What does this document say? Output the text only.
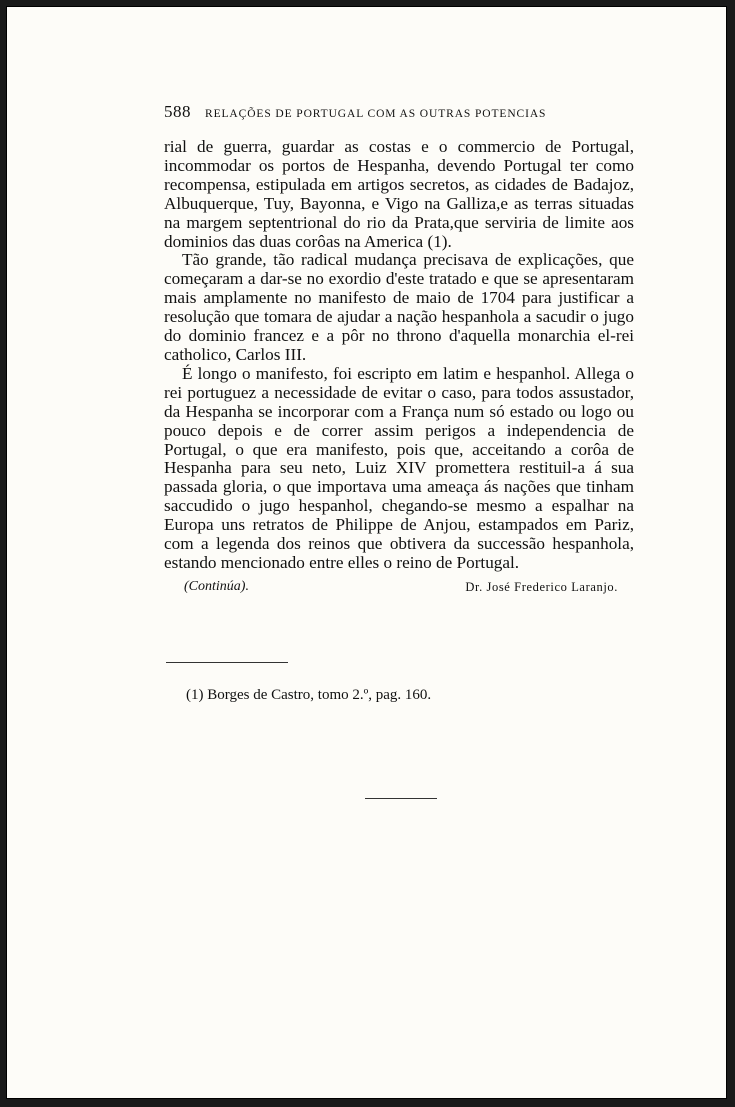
588 RELAÇÕES DE PORTUGAL COM AS OUTRAS POTENCIAS

rial de guerra, guardar as costas e o commercio de Portugal, incommodar os portos de Hespanha, devendo Portugal ter como recompensa, estipulada em artigos secretos, as cidades de Badajoz, Albuquerque, Tuy, Bayonna, e Vigo na Galliza,e as terras situadas na margem septentrional do rio da Prata,que serviria de limite aos dominios das duas corôas na America (1).

Tão grande, tão radical mudança precisava de explicações, que começaram a dar-se no exordio d'este tratado e que se apresentaram mais amplamente no manifesto de maio de 1704 para justificar a resolução que tomara de ajudar a nação hespanhola a sacudir o jugo do dominio francez e a pôr no throno d'aquella monarchia el-rei catholico, Carlos III.

É longo o manifesto, foi escripto em latim e hespanhol. Allega o rei portuguez a necessidade de evitar o caso, para todos assustador, da Hespanha se incorporar com a França num só estado ou logo ou pouco depois e de correr assim perigos a independencia de Portugal, o que era manifesto, pois que, acceitando a corôa de Hespanha para seu neto, Luiz XIV promettera restituil-a á sua passada gloria, o que importava uma ameaça ás nações que tinham saccudido o jugo hespanhol, chegando-se mesmo a espalhar na Europa uns retratos de Philippe de Anjou, estampados em Pariz, com a legenda dos reinos que obtivera da successão hespanhola, estando mencionado entre elles o reino de Portugal.

(Continúa).	Dr. José Frederico Laranjo.
(1) Borges de Castro, tomo 2.º, pag. 160.
